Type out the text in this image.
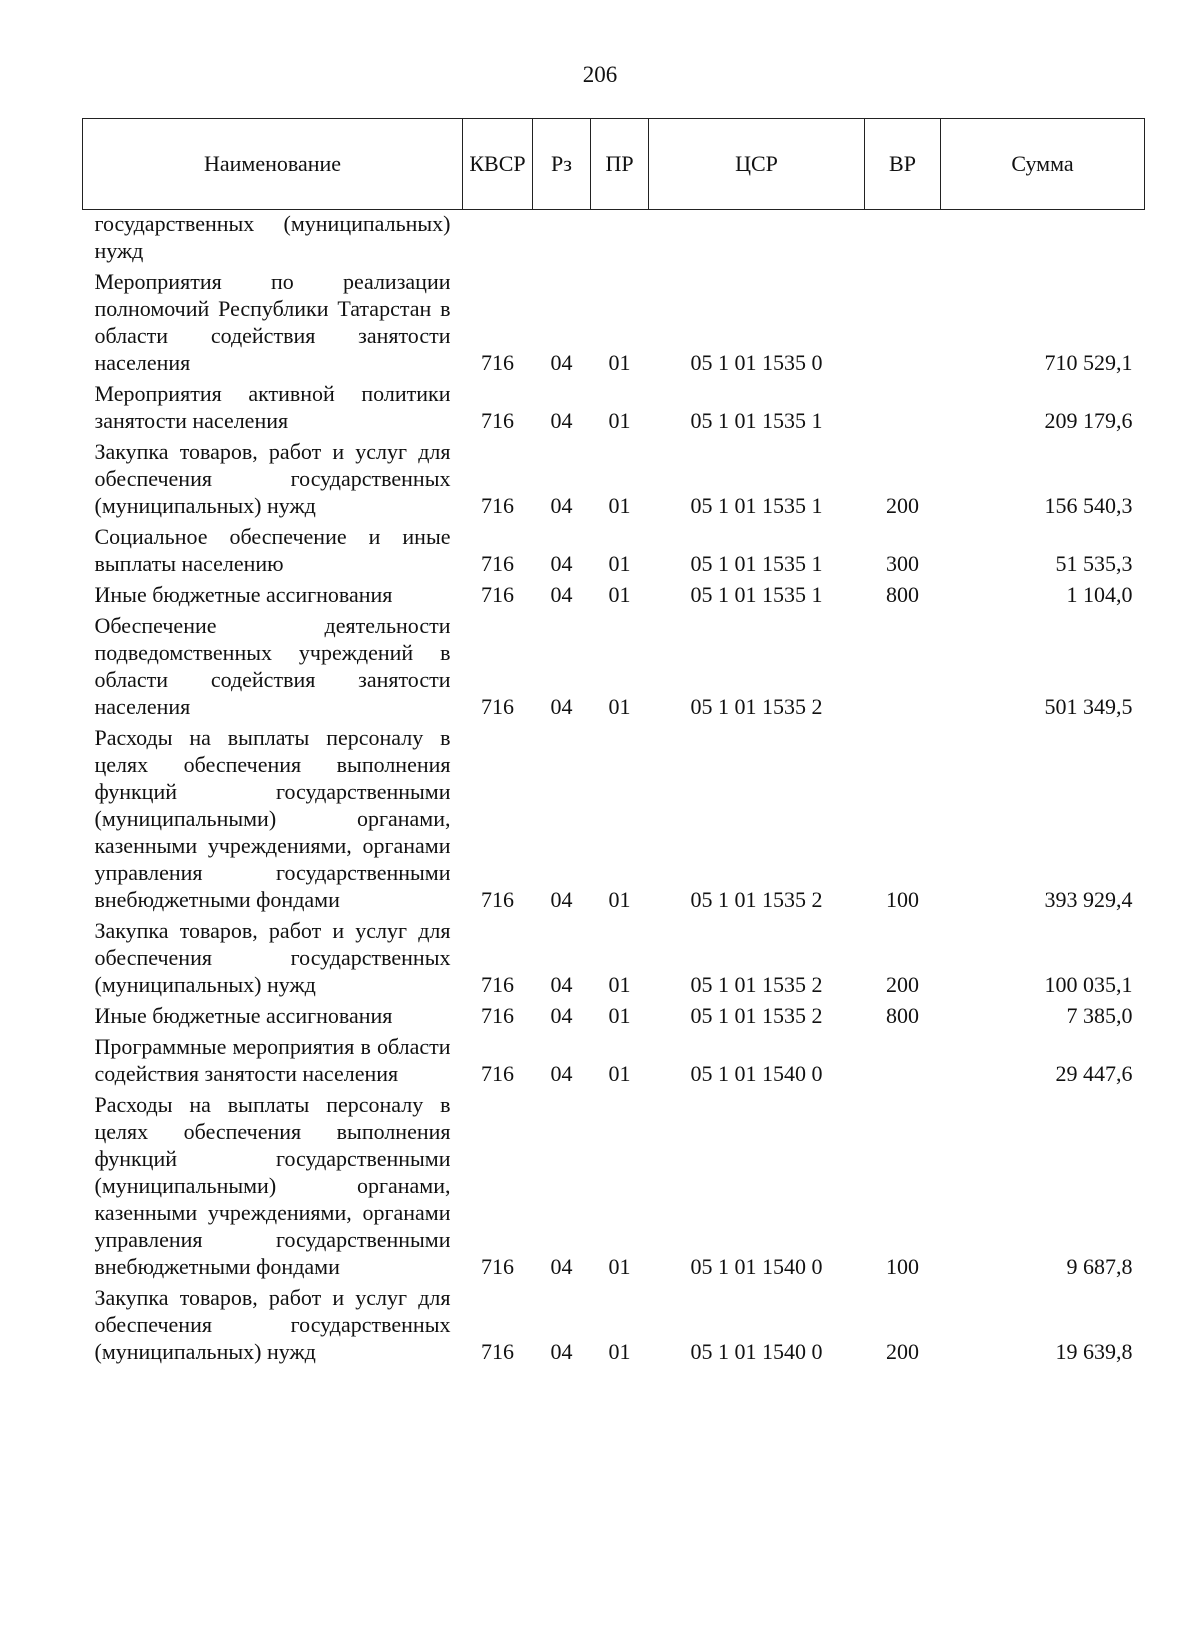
206
Наименование	КВСР	Рз	ПР	ЦСР	ВР	Сумма
государственных (муниципальных) нужд						
Мероприятия по реализации полномочий Республики Татарстан в области содействия занятости населения	716	04	01	05 1 01 1535 0		710 529,1
Мероприятия активной политики занятости населения	716	04	01	05 1 01 1535 1		209 179,6
Закупка товаров, работ и услуг для обеспечения государственных (муниципальных) нужд	716	04	01	05 1 01 1535 1	200	156 540,3
Социальное обеспечение и иные выплаты населению	716	04	01	05 1 01 1535 1	300	51 535,3
Иные бюджетные ассигнования	716	04	01	05 1 01 1535 1	800	1 104,0
Обеспечение деятельности подведомственных учреждений в области содействия занятости населения	716	04	01	05 1 01 1535 2		501 349,5
Расходы на выплаты персоналу в целях обеспечения выполнения функций государственными (муниципальными) органами, казенными учреждениями, органами управления государственными внебюджетными фондами	716	04	01	05 1 01 1535 2	100	393 929,4
Закупка товаров, работ и услуг для обеспечения государственных (муниципальных) нужд	716	04	01	05 1 01 1535 2	200	100 035,1
Иные бюджетные ассигнования	716	04	01	05 1 01 1535 2	800	7 385,0
Программные мероприятия в области содействия занятости населения	716	04	01	05 1 01 1540 0		29 447,6
Расходы на выплаты персоналу в целях обеспечения выполнения функций государственными (муниципальными) органами, казенными учреждениями, органами управления государственными внебюджетными фондами	716	04	01	05 1 01 1540 0	100	9 687,8
Закупка товаров, работ и услуг для обеспечения государственных (муниципальных) нужд	716	04	01	05 1 01 1540 0	200	19 639,8
